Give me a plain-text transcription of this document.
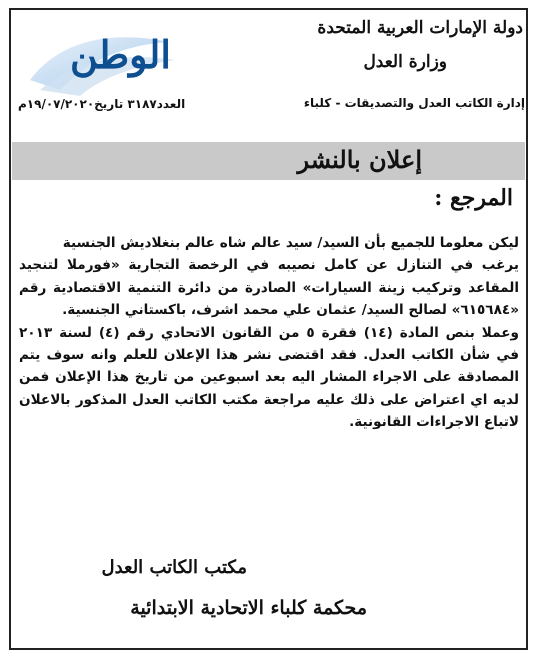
دولة الإمارات العربية المتحدة
وزارة العدل
إدارة الكاتب العدل والتصديقات - كلباء
الوطن
العدد٣١٨٧ تاريخ١٩/٠٧/٢٠٢٠م
إعلان بالنشر
المرجع :

ليكن معلوما للجميع بأن السيد/ سيد عالم شاه عالم بنغلاديش الجنسية

يرغب في التنازل عن كامل نصيبه في الرخصة التجارية «فورملا لتنجيد المقاعد وتركيب زينة السيارات» الصادرة من دائرة التنمية الاقتصادية رقم «٦١٥٦٨٤» لصالح السيد/ عثمان علي محمد اشرف، باكستاني الجنسية.

وعملا بنص المادة (١٤) فقرة ٥ من القانون الاتحادي رقم (٤) لسنة ٢٠١٣ في شأن الكاتب العدل. فقد اقتضى نشر هذا الإعلان للعلم وانه سوف يتم المصادقة على الاجراء المشار اليه بعد اسبوعين من تاريخ هذا الإعلان فمن لديه اي اعتراض على ذلك عليه مراجعة مكتب الكاتب العدل المذكور بالاعلان لاتباع الاجراءات القانونية.

مكتب الكاتب العدل
محكمة كلباء الاتحادية الابتدائية
